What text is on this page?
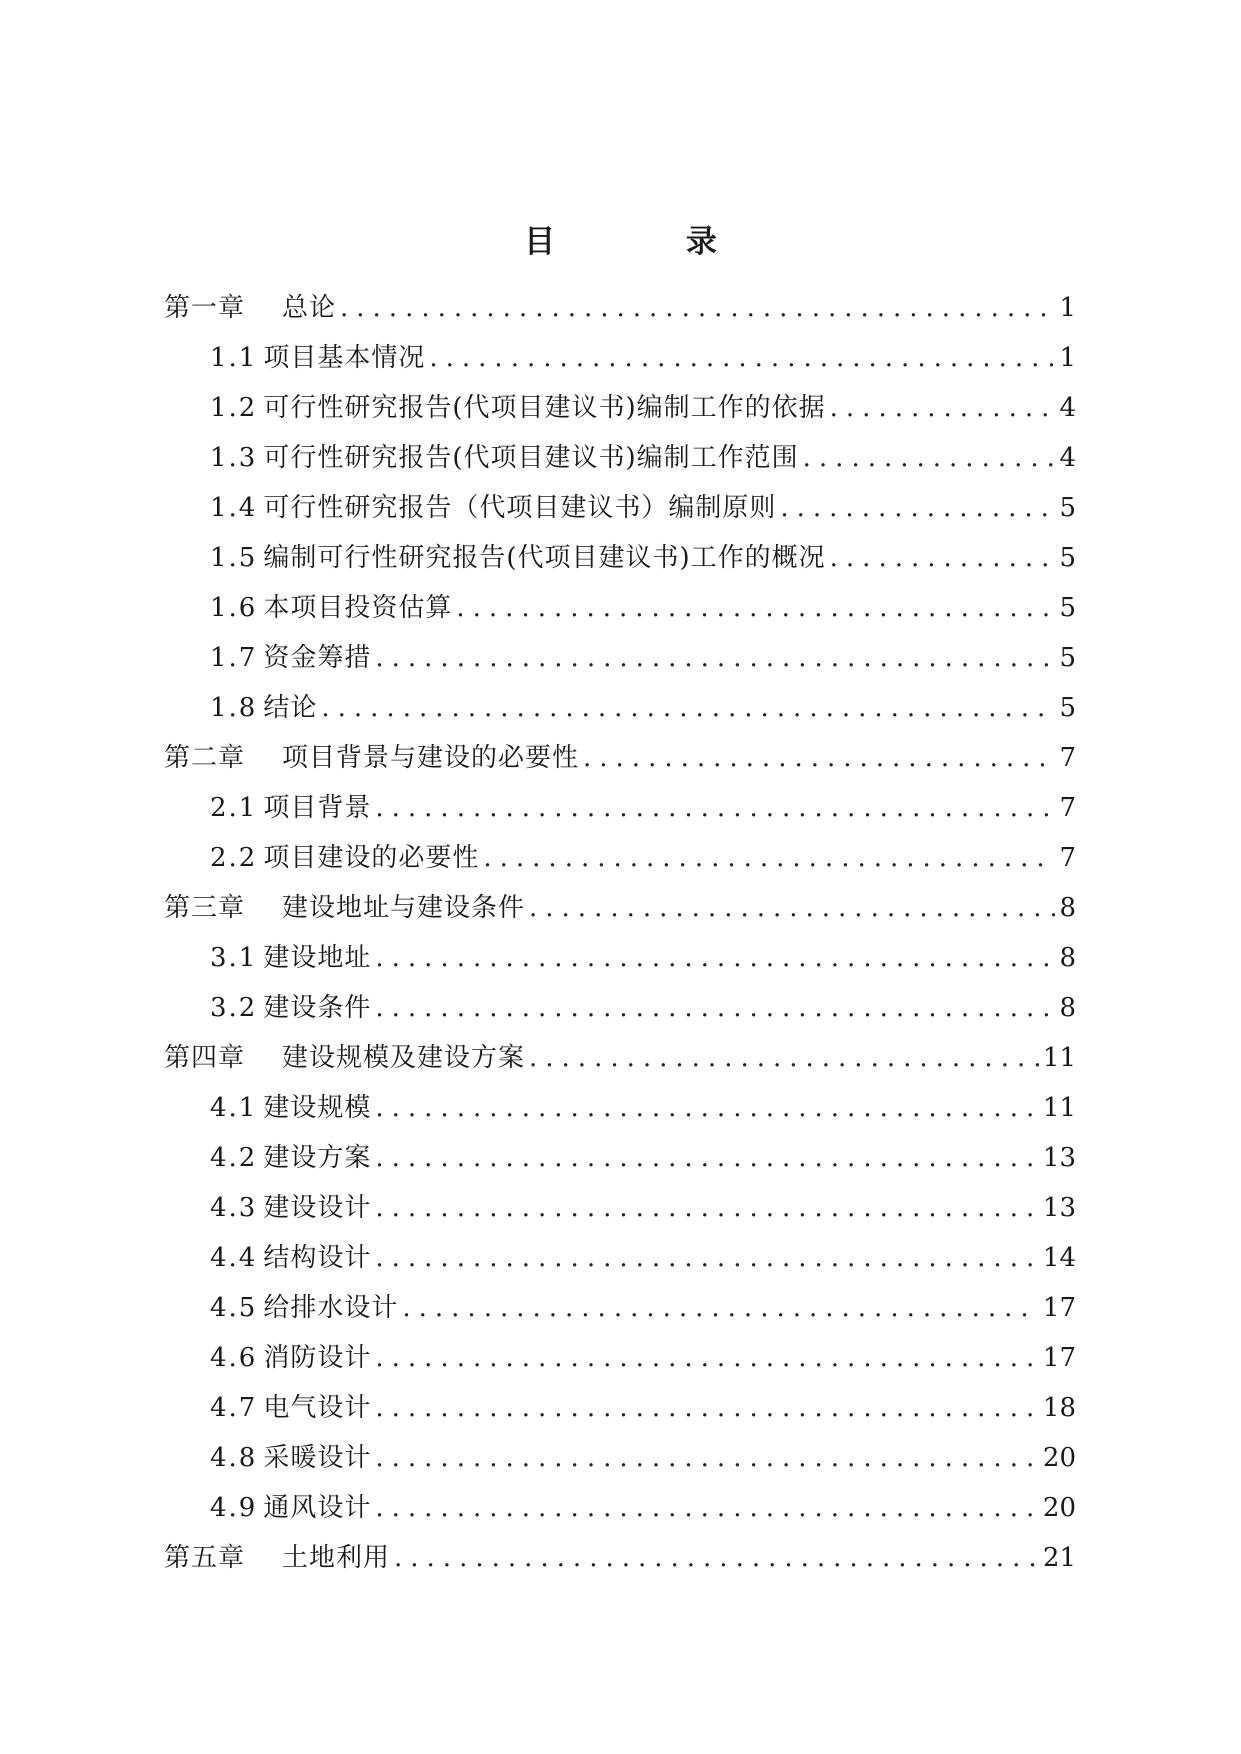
目 录
第一章	总论 .....	1
1.1 项目基本情况 .....	1
1.2 可行性研究报告(代项目建议书)编制工作的依据 .....	4
1.3 可行性研究报告(代项目建议书)编制工作范围 .....	4
1.4 可行性研究报告（代项目建议书）编制原则 .....	5
1.5 编制可行性研究报告(代项目建议书)工作的概况 .....	5
1.6 本项目投资估算 .....	5
1.7 资金筹措 .....	5
1.8 结论 .....	5
第二章	项目背景与建设的必要性 .....	7
2.1 项目背景 .....	7
2.2 项目建设的必要性 .....	7
第三章	建设地址与建设条件 .....	8
3.1 建设地址 .....	8
3.2 建设条件 .....	8
第四章	建设规模及建设方案 .....	11
4.1 建设规模 .....	11
4.2 建设方案 .....	13
4.3 建设设计 .....	13
4.4 结构设计 .....	14
4.5 给排水设计 .....	17
4.6 消防设计 .....	17
4.7 电气设计 .....	18
4.8 采暖设计 .....	20
4.9 通风设计 .....	20
第五章	土地利用 .....	21
